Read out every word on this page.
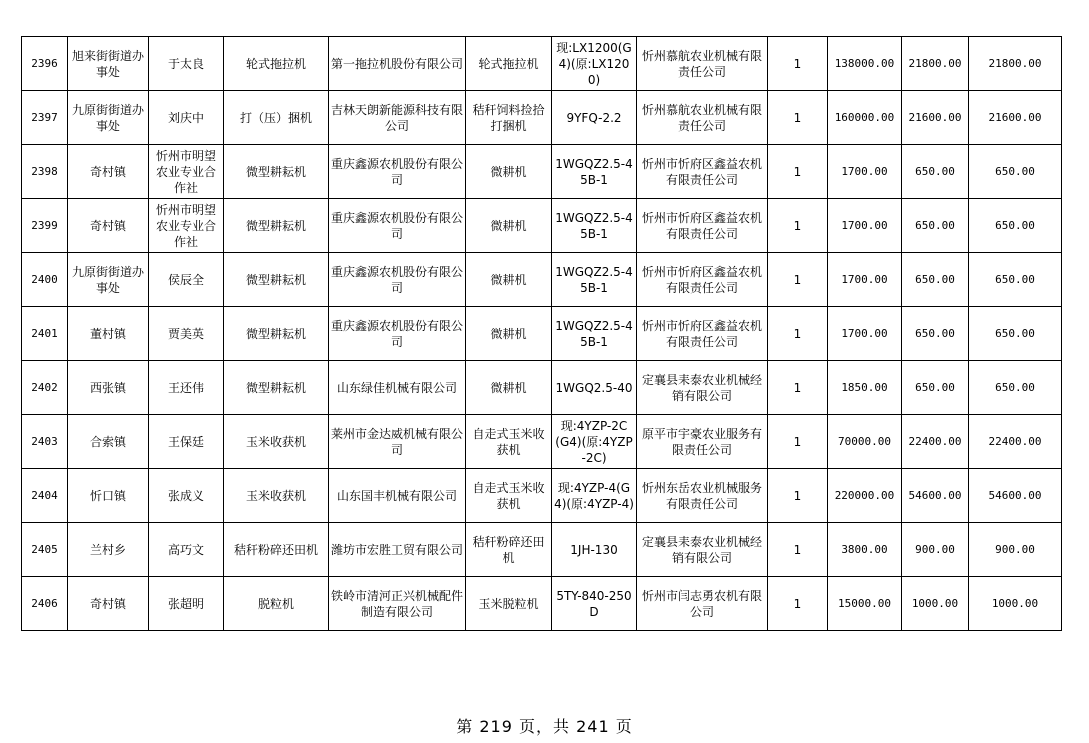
2396	旭来街街道办事处	于太良	轮式拖拉机	第一拖拉机股份有限公司	轮式拖拉机	现:LX1200(G4)(原:LX1200)	忻州慕航农业机械有限责任公司	1	138000.00	21800.00	21800.00
2397	九原街街道办事处	刘庆中	打（压）捆机	吉林天朗新能源科技有限公司	秸秆饲料捡拾打捆机	9YFQ-2.2	忻州慕航农业机械有限责任公司	1	160000.00	21600.00	21600.00
2398	奇村镇	忻州市明望农业专业合作社	微型耕耘机	重庆鑫源农机股份有限公司	微耕机	1WGQZ2.5-45B-1	忻州市忻府区鑫益农机有限责任公司	1	1700.00	650.00	650.00
2399	奇村镇	忻州市明望农业专业合作社	微型耕耘机	重庆鑫源农机股份有限公司	微耕机	1WGQZ2.5-45B-1	忻州市忻府区鑫益农机有限责任公司	1	1700.00	650.00	650.00
2400	九原街街道办事处	侯辰全	微型耕耘机	重庆鑫源农机股份有限公司	微耕机	1WGQZ2.5-45B-1	忻州市忻府区鑫益农机有限责任公司	1	1700.00	650.00	650.00
2401	董村镇	贾美英	微型耕耘机	重庆鑫源农机股份有限公司	微耕机	1WGQZ2.5-45B-1	忻州市忻府区鑫益农机有限责任公司	1	1700.00	650.00	650.00
2402	西张镇	王还伟	微型耕耘机	山东绿佳机械有限公司	微耕机	1WGQ2.5-40	定襄县耒泰农业机械经销有限公司	1	1850.00	650.00	650.00
2403	合索镇	王保廷	玉米收获机	莱州市金达威机械有限公司	自走式玉米收获机	现:4YZP-2C(G4)(原:4YZP-2C)	原平市宇豪农业服务有限责任公司	1	70000.00	22400.00	22400.00
2404	忻口镇	张成义	玉米收获机	山东国丰机械有限公司	自走式玉米收获机	现:4YZP-4(G4)(原:4YZP-4)	忻州东岳农业机械服务有限责任公司	1	220000.00	54600.00	54600.00
2405	兰村乡	高巧文	秸秆粉碎还田机	潍坊市宏胜工贸有限公司	秸秆粉碎还田机	1JH-130	定襄县耒泰农业机械经销有限公司	1	3800.00	900.00	900.00
2406	奇村镇	张超明	脱粒机	铁岭市清河正兴机械配件制造有限公司	玉米脱粒机	5TY-840-250D	忻州市闫志勇农机有限公司	1	15000.00	1000.00	1000.00
第 219 页，共 241 页
